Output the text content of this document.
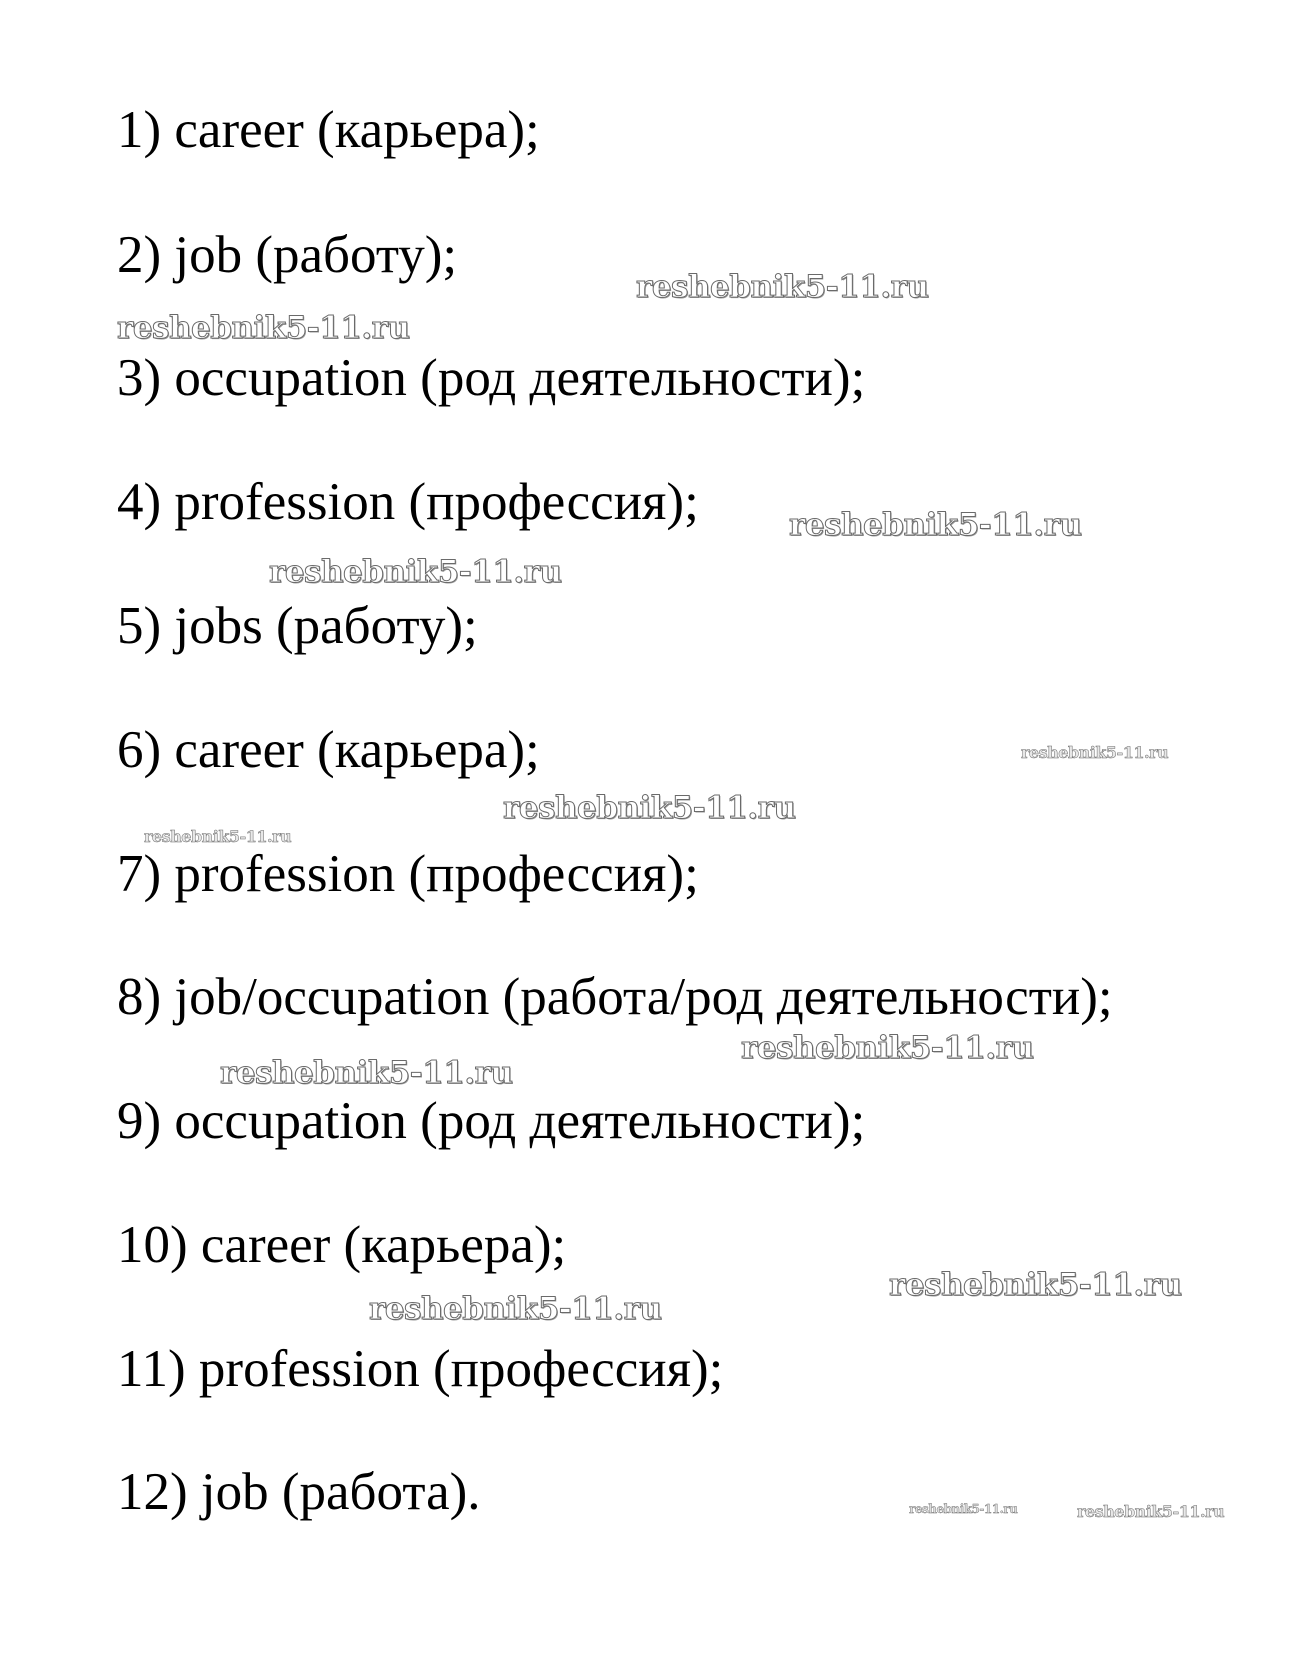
1) career (карьера);

2) job (работу);

3) occupation (род деятельности);

4) profession (профессия);

5) jobs (работу);

6) career (карьера);

7) profession (профессия);

8) job/occupation (работа/род деятельности);

9) occupation (род деятельности);

10) career (карьера);

11) profession (профессия);

12) job (работа).

reshebnik5-11.ru
reshebnik5-11.ru
reshebnik5-11.ru
reshebnik5-11.ru
reshebnik5-11.ru
reshebnik5-11.ru
reshebnik5-11.ru
reshebnik5-11.ru
reshebnik5-11.ru
reshebnik5-11.ru
reshebnik5-11.ru
reshebnik5-11.ru	reshebnik5-11.ru
